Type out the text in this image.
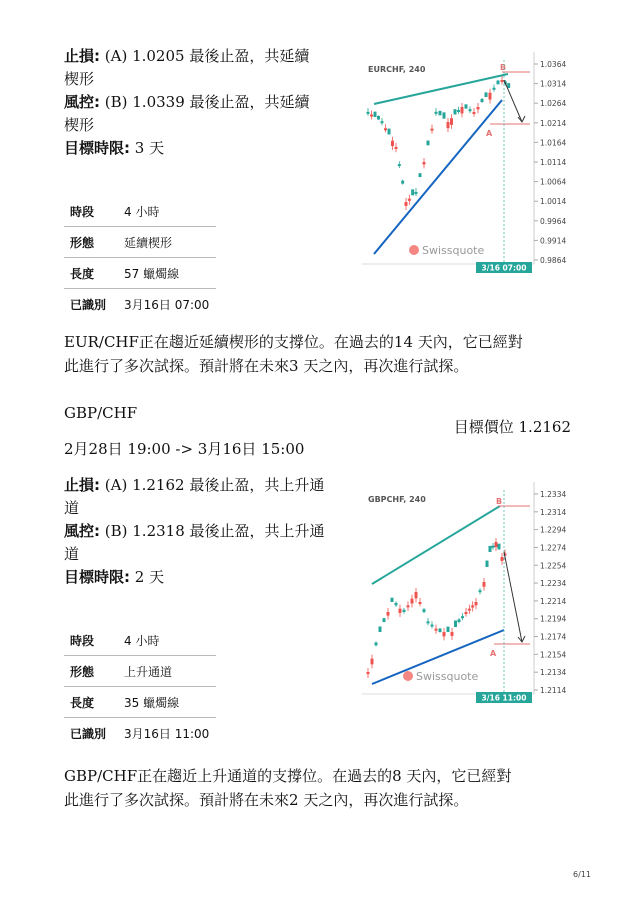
止損: (A) 1.0205 最後止盈，共延續
楔形
風控: (B) 1.0339 最後止盈，共延續
楔形
目標時限: 3 天
時段	4 小時
形態	延續楔形
長度	57 蠟燭線
已識別	3月16日 07:00
EURCHF, 240
1.0364
1.0314
1.0264
1.0214
1.0164
1.0114
1.0064
1.0014
0.9964
0.9914
0.9864
A
B
Swissquote
3/16 07:00
EUR/CHF正在趨近延續楔形的支撐位。在過去的14 天內，它已經對
此進行了多次試探。預計將在未來3 天之內，再次進行試探。
GBP/CHF
目標價位 1.2162
2月28日 19:00 -> 3月16日 15:00
止損: (A) 1.2162 最後止盈，共上升通
道
風控: (B) 1.2318 最後止盈，共上升通
道
目標時限: 2 天
時段	4 小時
形態	上升通道
長度	35 蠟燭線
已識別	3月16日 11:00
GBPCHF, 240
1.2334
1.2314
1.2294
1.2274
1.2254
1.2234
1.2214
1.2194
1.2174
1.2154
1.2134
1.2114
A
B
Swissquote
3/16 11:00
GBP/CHF正在趨近上升通道的支撐位。在過去的8 天內，它已經對
此進行了多次試探。預計將在未來2 天之內，再次進行試探。
6/11
